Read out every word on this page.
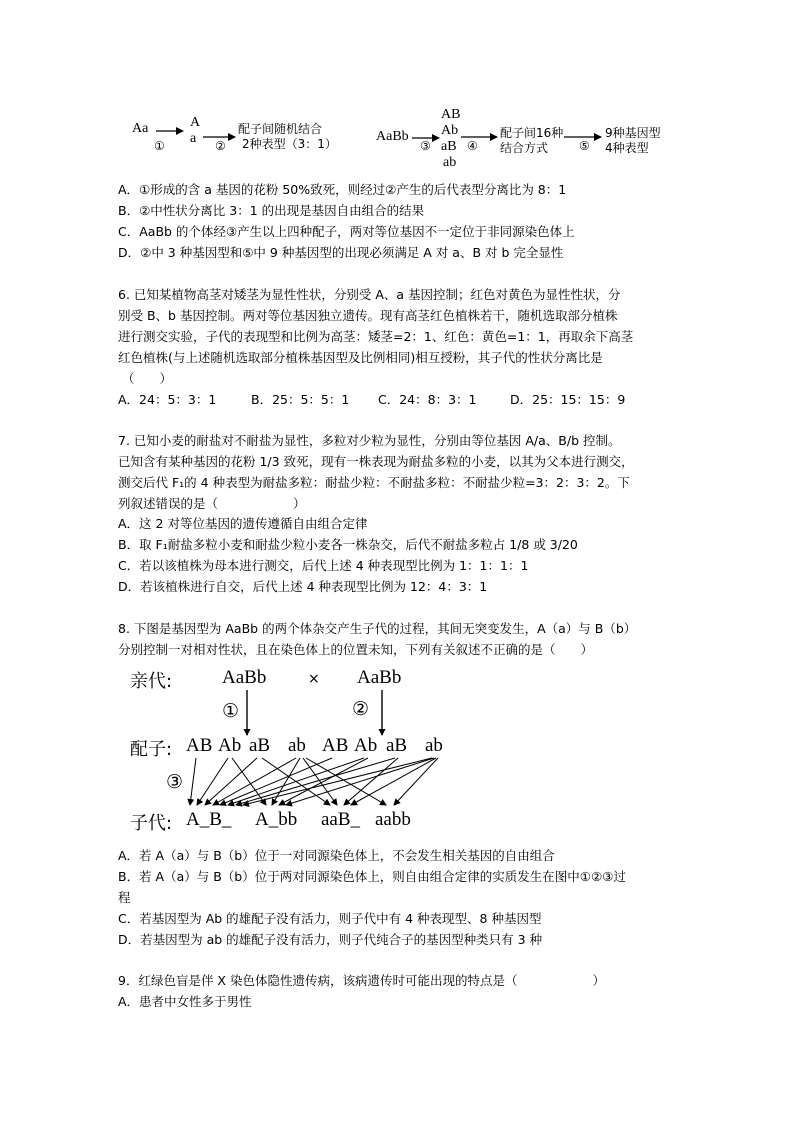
Aa	A
a
①	②
配子间随机结合
2种表型（3：1）	AaBb
AB
Ab
aB
ab
③	④	⑤
配子间16种
结合方式
9种基因型
4种表型
A．①形成的含 a 基因的花粉 50%致死，则经过②产生的后代表型分离比为 8：1
B．②中性状分离比 3：1 的出现是基因自由组合的结果
C．AaBb 的个体经③产生以上四种配子，两对等位基因不一定位于非同源染色体上
D．②中 3 种基因型和⑤中 9 种基因型的出现必须满足 A 对 a、B 对 b 完全显性
6. 已知某植物高茎对矮茎为显性性状，分别受 A、a 基因控制；红色对黄色为显性性状，分
别受 B、b 基因控制。两对等位基因独立遗传。现有高茎红色植株若干，随机选取部分植株
进行测交实验，子代的表现型和比例为高茎：矮茎=2：1、红色：黄色=1：1，再取余下高茎
红色植株(与上述随机选取部分植株基因型及比例相同)相互授粉，其子代的性状分离比是
（　　）
A．24：5：3：1	B．25：5：5：1 C．24：8：3：1	D．25：15：15：9
7. 已知小麦的耐盐对不耐盐为显性，多粒对少粒为显性，分别由等位基因 A/a、B/b 控制。
已知含有某种基因的花粉 1/3 致死，现有一株表现为耐盐多粒的小麦，以其为父本进行测交，
测交后代 F₁的 4 种表型为耐盐多粒：耐盐少粒：不耐盐多粒：不耐盐少粒=3：2：3：2。下
列叙述错误的是（　　　　　　）
A．这 2 对等位基因的遗传遵循自由组合定律
B．取 F₁耐盐多粒小麦和耐盐少粒小麦各一株杂交，后代不耐盐多粒占 1/8 或 3/20
C．若以该植株为母本进行测交，后代上述 4 种表现型比例为 1：1：1：1
D．若该植株进行自交，后代上述 4 种表现型比例为 12：4：3：1
8. 下图是基因型为 AaBb 的两个体杂交产生子代的过程，其间无突变发生，A（a）与 B（b）
分别控制一对相对性状，且在染色体上的位置未知，下列有关叙述不正确的是（　　）
亲代:	AaBb	× AaBb
①	②
配子: AB Ab aB ab AB Ab aB ab
③
子代: A_B_ A_bb aaB_ aabb
A．若 A（a）与 B（b）位于一对同源染色体上，不会发生相关基因的自由组合
B．若 A（a）与 B（b）位于两对同源染色体上，则自由组合定律的实质发生在图中①②③过
程
C．若基因型为 Ab 的雄配子没有活力，则子代中有 4 种表现型、8 种基因型
D．若基因型为 ab 的雄配子没有活力，则子代纯合子的基因型种类只有 3 种
9．红绿色盲是伴 X 染色体隐性遗传病，该病遗传时可能出现的特点是（　　　　　　）
A．患者中女性多于男性
